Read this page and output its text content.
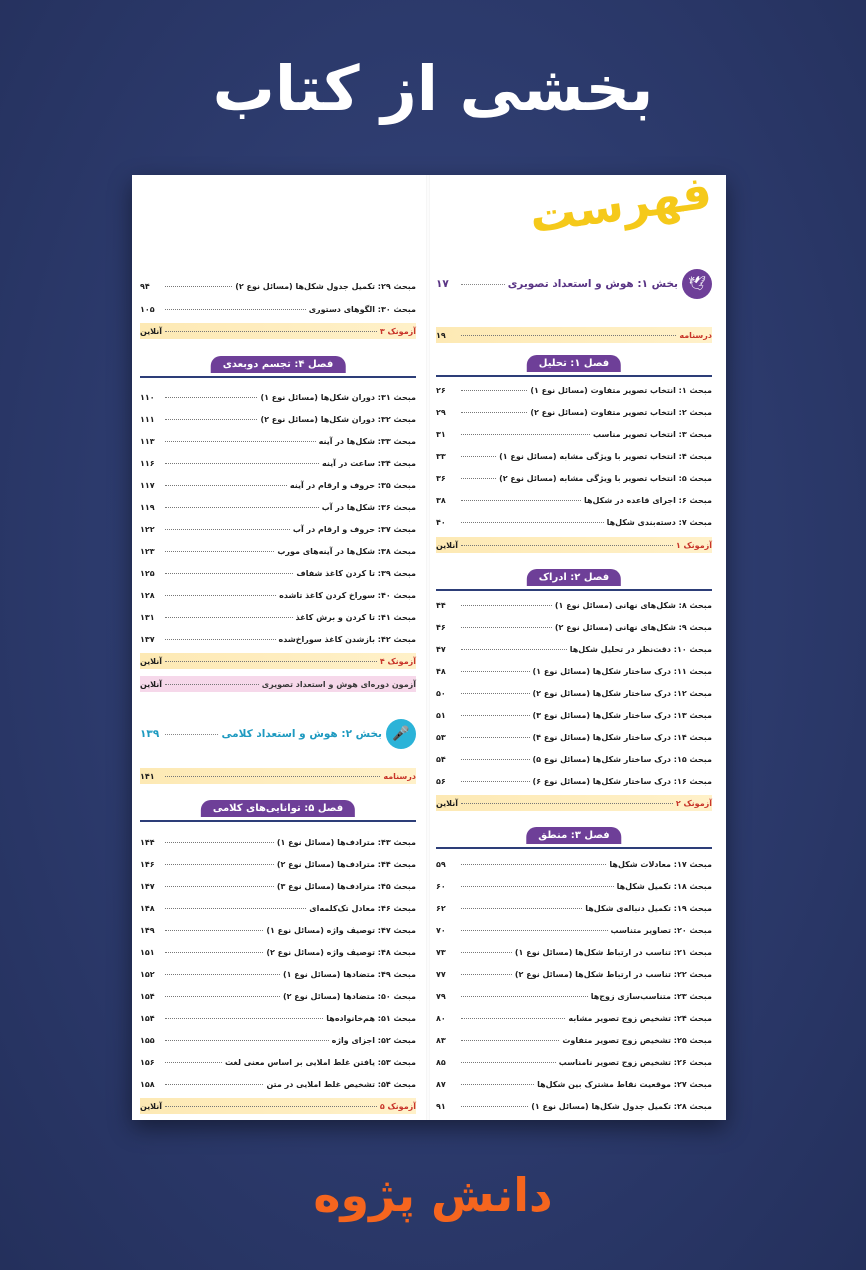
بخشی از کتاب
فهرست
🕊
بخش ۱: هوش و استعداد تصویری
۱۷
درسنامه
۱۹
فصل ۱: تحلیل
مبحث ۱: انتخاب تصویر متفاوت (مسائل نوع ۱)
۲۶
مبحث ۲: انتخاب تصویر متفاوت (مسائل نوع ۲)
۲۹
مبحث ۳: انتخاب تصویر مناسب
۳۱
مبحث ۴: انتخاب تصویر با ویژگی مشابه (مسائل نوع ۱)
۳۳
مبحث ۵: انتخاب تصویر با ویژگی مشابه (مسائل نوع ۲)
۳۶
مبحث ۶: اجرای قاعده در شکل‌ها
۳۸
مبحث ۷: دسته‌بندی شکل‌ها
۴۰
آزمونک ۱
آنلاین
فصل ۲: ادراک
مبحث ۸: شکل‌های نهانی (مسائل نوع ۱)
۴۴
مبحث ۹: شکل‌های نهانی (مسائل نوع ۲)
۴۶
مبحث ۱۰: دقت‌نظر در تحلیل شکل‌ها
۴۷
مبحث ۱۱: درک ساختار شکل‌ها (مسائل نوع ۱)
۴۸
مبحث ۱۲: درک ساختار شکل‌ها (مسائل نوع ۲)
۵۰
مبحث ۱۳: درک ساختار شکل‌ها (مسائل نوع ۳)
۵۱
مبحث ۱۴: درک ساختار شکل‌ها (مسائل نوع ۴)
۵۳
مبحث ۱۵: درک ساختار شکل‌ها (مسائل نوع ۵)
۵۴
مبحث ۱۶: درک ساختار شکل‌ها (مسائل نوع ۶)
۵۶
آزمونک ۲
آنلاین
فصل ۳: منطق
مبحث ۱۷: معادلات شکل‌ها
۵۹
مبحث ۱۸: تکمیل شکل‌ها
۶۰
مبحث ۱۹: تکمیل دنباله‌ی شکل‌ها
۶۲
مبحث ۲۰: تصاویر متناسب
۷۰
مبحث ۲۱: تناسب در ارتباط شکل‌ها (مسائل نوع ۱)
۷۳
مبحث ۲۲: تناسب در ارتباط شکل‌ها (مسائل نوع ۲)
۷۷
مبحث ۲۳: متناسب‌سازی زوج‌ها
۷۹
مبحث ۲۴: تشخیص زوج تصویر مشابه
۸۰
مبحث ۲۵: تشخیص زوج تصویر متفاوت
۸۳
مبحث ۲۶: تشخیص زوج تصویر نامناسب
۸۵
مبحث ۲۷: موقعیت نقاط مشترک بین شکل‌ها
۸۷
مبحث ۲۸: تکمیل جدول شکل‌ها (مسائل نوع ۱)
۹۱
مبحث ۲۹: تکمیل جدول شکل‌ها (مسائل نوع ۲)
۹۴
مبحث ۳۰: الگوهای دستوری
۱۰۵
آزمونک ۳
آنلاین
فصل ۴: تجسم دوبعدی
مبحث ۳۱: دوران شکل‌ها (مسائل نوع ۱)
۱۱۰
مبحث ۳۲: دوران شکل‌ها (مسائل نوع ۲)
۱۱۱
مبحث ۳۳: شکل‌ها در آینه
۱۱۳
مبحث ۳۴: ساعت در آینه
۱۱۶
مبحث ۳۵: حروف و ارقام در آینه
۱۱۷
مبحث ۳۶: شکل‌ها در آب
۱۱۹
مبحث ۳۷: حروف و ارقام در آب
۱۲۲
مبحث ۳۸: شکل‌ها در آینه‌های مورب
۱۲۳
مبحث ۳۹: تا کردن کاغذ شفاف
۱۲۵
مبحث ۴۰: سوراخ کردن کاغذ تاشده
۱۲۸
مبحث ۴۱: تا کردن و برش کاغذ
۱۳۱
مبحث ۴۲: بازشدن کاغذ سوراخ‌شده
۱۳۷
آزمونک ۴
آنلاین
آزمون دوره‌ای هوش و استعداد تصویری
آنلاین
🎤
بخش ۲: هوش و استعداد کلامی
۱۳۹
درسنامه
۱۴۱
فصل ۵: توانایی‌های کلامی
مبحث ۴۳: مترادف‌ها (مسائل نوع ۱)
۱۴۴
مبحث ۴۴: مترادف‌ها (مسائل نوع ۲)
۱۴۶
مبحث ۴۵: مترادف‌ها (مسائل نوع ۳)
۱۴۷
مبحث ۴۶: معادل تک‌کلمه‌ای
۱۴۸
مبحث ۴۷: توصیف واژه (مسائل نوع ۱)
۱۴۹
مبحث ۴۸: توصیف واژه (مسائل نوع ۲)
۱۵۱
مبحث ۴۹: متضادها (مسائل نوع ۱)
۱۵۲
مبحث ۵۰: متضادها (مسائل نوع ۲)
۱۵۴
مبحث ۵۱: هم‌خانواده‌ها
۱۵۴
مبحث ۵۲: اجزای واژه
۱۵۵
مبحث ۵۳: یافتن غلط املایی بر اساس معنی لغت
۱۵۶
مبحث ۵۴: تشخیص غلط املایی در متن
۱۵۸
آزمونک ۵
آنلاین
دانش پژوه
